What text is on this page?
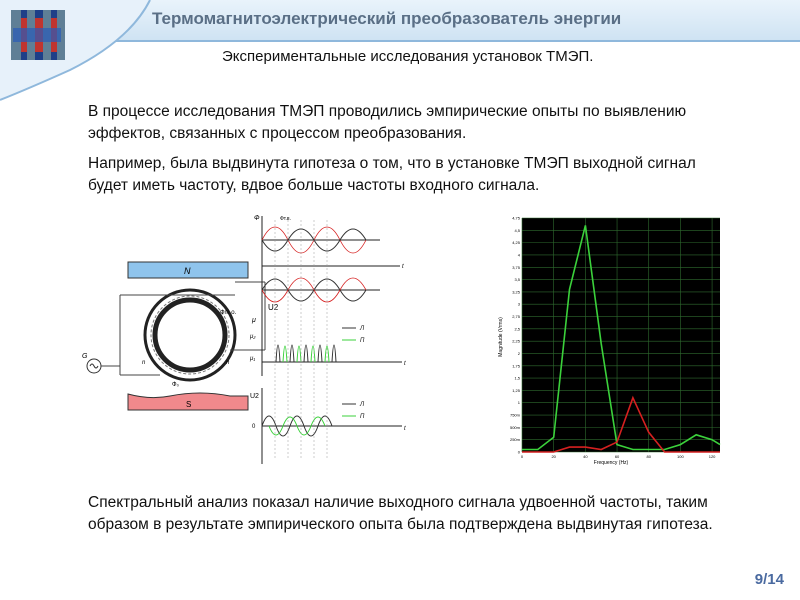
Термомагнитоэлектрический преобразователь энергии
Экспериментальные исследования установок ТМЭП.
В процессе исследования ТМЭП проводились эмпирические опыты по выявлению эффектов, связанных с процессом преобразования.
Например, была выдвинута гипотеза о том, что в установке ТМЭП выходной сигнал будет иметь частоту, вдвое больше частоты входного сигнала.
N
S
U2
Фm o.
n	n
Ф₀
G
Ф	Фт.в.
t
μ
μ₂
μ₁
Л
П
t
U2
0
Л
П
t
0
250m
500m
750m
1
1,25
1,5
1,75
2
2,25
2,5
2,75
3
3,25
3,5
3,75
4
4,25
4,5
4,75
0	20	40	60	80	100	120
Frequency (Hz)
Magnitude (Vrms)
Спектральный анализ показал наличие выходного сигнала удвоенной частоты, таким образом в результате эмпирического опыта была подтверждена выдвинутая гипотеза.
9/14
